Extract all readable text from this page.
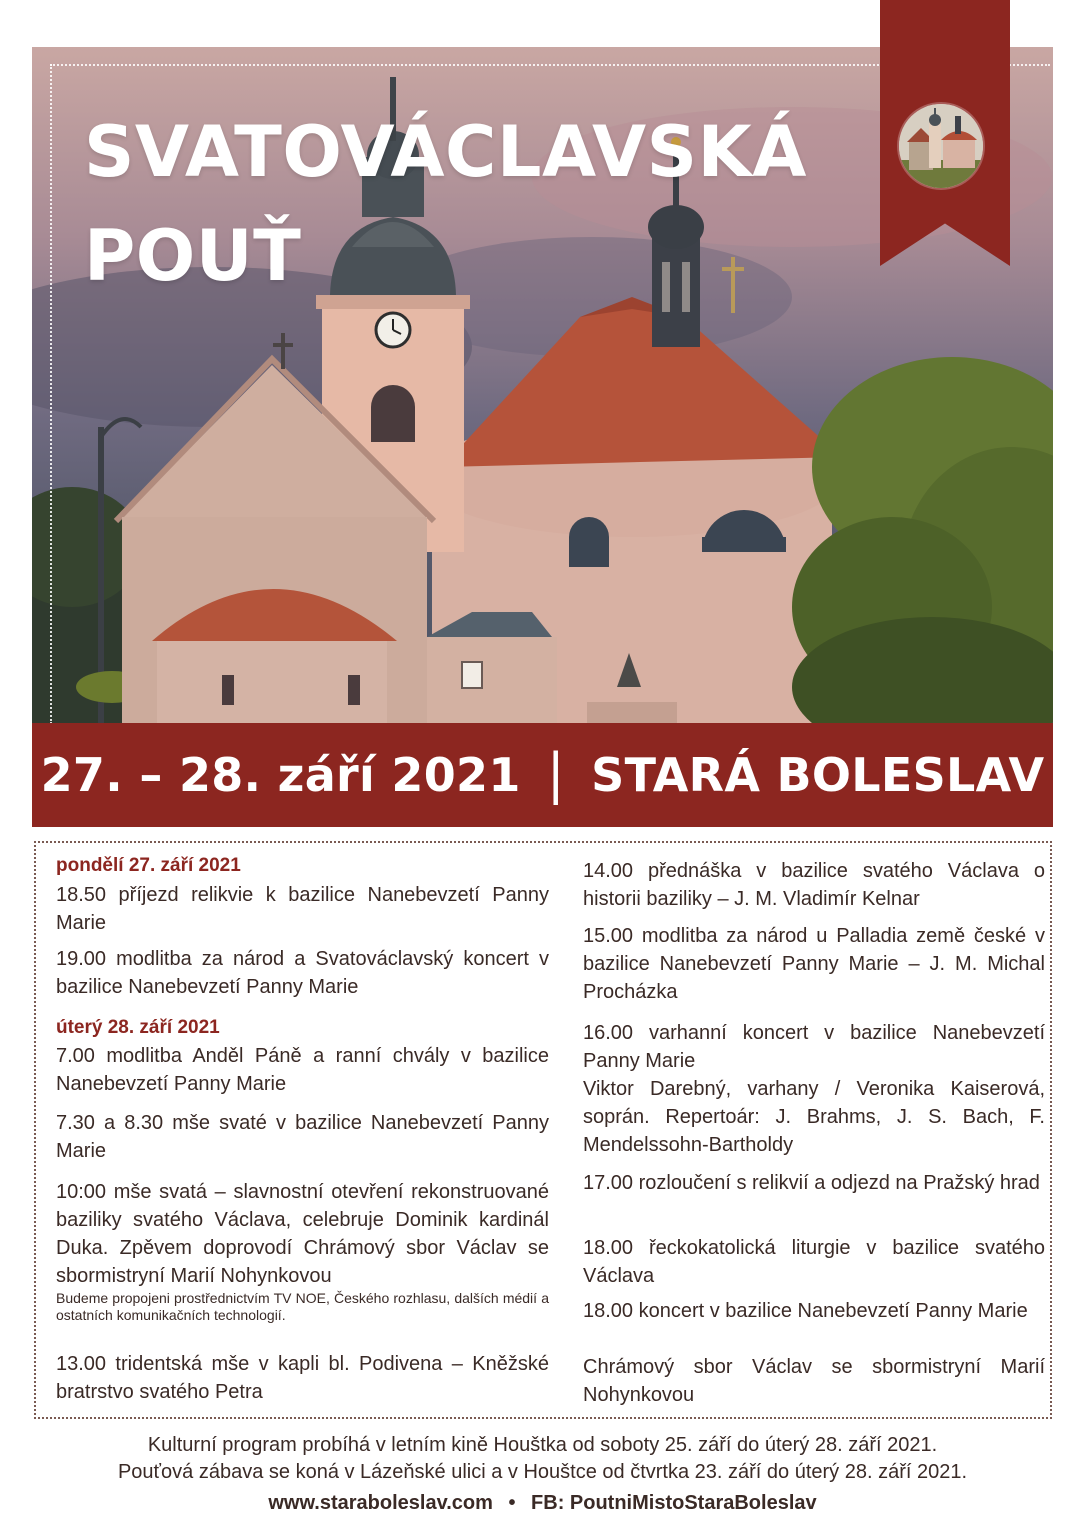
SVATOVÁCLAVSKÁ
POUŤ
27. – 28. září 2021 | STARÁ BOLESLAV

pondělí 27. září 2021

18.50 příjezd relikvie k bazilice Nanebevzetí Panny Marie

19.00 modlitba za národ a Svatováclavský koncert v bazilice Nanebevzetí Panny Marie

úterý 28. září 2021

7.00 modlitba Anděl Páně a ranní chvály v bazilice Nanebevzetí Panny Marie

7.30 a 8.30 mše svaté v bazilice Nanebevzetí Panny Marie

10:00 mše svatá – slavnostní otevření rekonstruované baziliky svatého Václava, celebruje Dominik kardinál Duka. Zpěvem doprovodí Chrámový sbor Václav se sbormistryní Marií Nohynkovou

Budeme propojeni prostřednictvím TV NOE, Českého rozhlasu, dalších médií a ostatních komunikačních technologií.

13.00 tridentská mše v kapli bl. Podivena – Kněžské bratrstvo svatého Petra

14.00 přednáška v bazilice svatého Václava o historii baziliky – J. M. Vladimír Kelnar

15.00 modlitba za národ u Palladia země české v bazilice Nanebevzetí Panny Marie – J. M. Michal Procházka

16.00 varhanní koncert v bazilice Nanebevzetí Panny Marie

Viktor Darebný, varhany / Veronika Kaiserová, soprán. Repertoár: J. Brahms, J. S. Bach, F. Mendelssohn-Bartholdy

17.00 rozloučení s relikvií a odjezd na Pražský hrad

18.00 řeckokatolická liturgie v bazilice svatého Václava

18.00 koncert v bazilice Nanebevzetí Panny Marie

Chrámový sbor Václav se sbormistryní Marií Nohynkovou

Kulturní program probíhá v letním kině Houštka od soboty 25. září do úterý 28. září 2021.
Pouťová zábava se koná v Lázeňské ulici a v Houštce od čtvrtka 23. září do úterý 28. září 2021.
www.staraboleslav.com • FB: PoutniMistoStaraBoleslav
